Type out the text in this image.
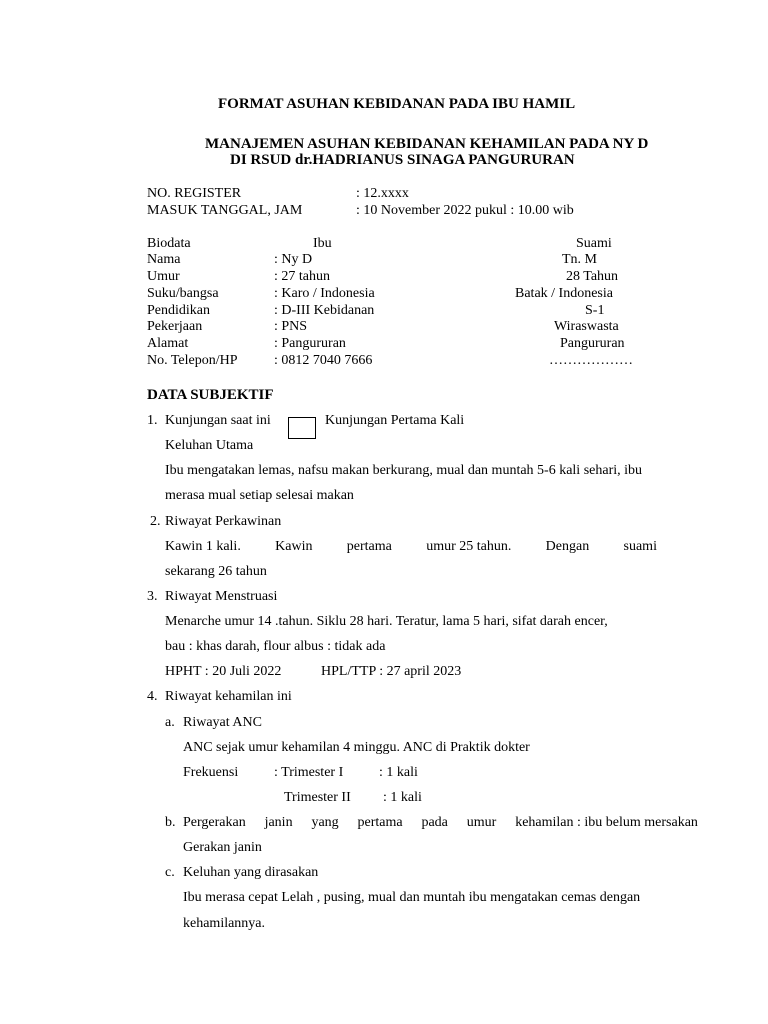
FORMAT ASUHAN KEBIDANAN PADA IBU HAMIL
MANAJEMEN ASUHAN KEBIDANAN KEHAMILAN PADA NY D
DI RSUD dr.HADRIANUS SINAGA PANGURURAN
NO. REGISTER	: 12.xxxx
MASUK TANGGAL, JAM	: 10 November 2022 pukul : 10.00 wib
Biodata	Ibu	Suami
Nama	: Ny D	Tn. M
Umur	: 27 tahun	28 Tahun
Suku/bangsa	: Karo / Indonesia	Batak / Indonesia
Pendidikan	: D-III Kebidanan	S-1
Pekerjaan	: PNS	Wiraswasta
Alamat	: Pangururan	Pangururan
No. Telepon/HP	: 0812 7040 7666	………………
DATA SUBJEKTIF
1. Kunjungan saat ini	Kunjungan Pertama Kali
Keluhan Utama
Ibu mengatakan lemas, nafsu makan berkurang, mual dan muntah 5-6 kali sehari, ibu
merasa mual setiap selesai makan
2. Riwayat Perkawinan
Kawin 1 kali. Kawin pertama umur 25 tahun. Dengan suami
sekarang 26 tahun
3. Riwayat Menstruasi
Menarche umur 14 .tahun. Siklu 28 hari. Teratur, lama 5 hari, sifat darah encer,
bau : khas darah, flour albus : tidak ada
HPHT : 20 Juli 2022	HPL/TTP : 27 april 2023
4. Riwayat kehamilan ini
a. Riwayat ANC
ANC sejak umur kehamilan 4 minggu. ANC di Praktik dokter
Frekuensi	: Trimester I	: 1 kali
Trimester II : 1 kali
b. Pergerakan janin yang pertama pada umur kehamilan : ibu belum mersakan
Gerakan janin
c. Keluhan yang dirasakan
Ibu merasa cepat Lelah , pusing, mual dan muntah ibu mengatakan cemas dengan
kehamilannya.
